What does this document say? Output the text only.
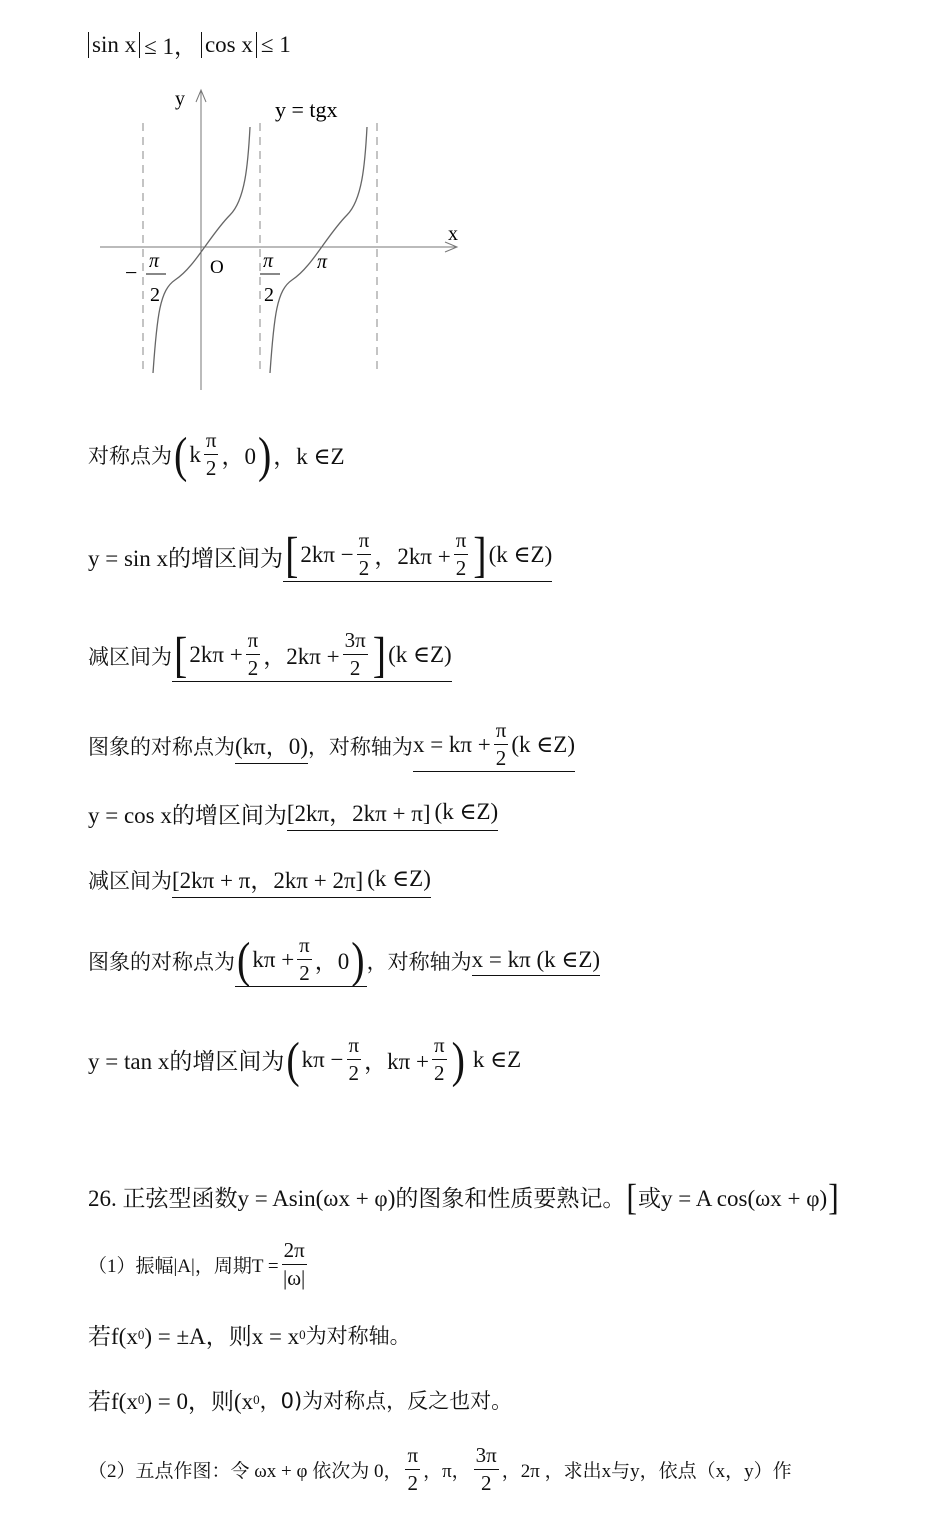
sin x ≤ 1， cos x ≤ 1
y
x
y = tgx
O
− π
2
π
2
π
对称点为 ( k $\frac{\pi}{2}$ ，0 ) ，k ∈Z
y = sin x的增区间为 [ $2k\pi - \frac{\pi}{2}$ ，$2k\pi + \frac{\pi}{2}$ ] (k ∈Z)
减区间为 [ $2k\pi + \frac{\pi}{2}$ ，$2k\pi + \frac{3\pi}{2}$ ] (k ∈Z)
图象的对称点为 (kπ，0) ，对称轴为 $x = k\pi + \frac{\pi}{2} (k$ ∈Z)
y = cos x的增区间为 [2kπ，2kπ + π] (k ∈Z)
减区间为 [2kπ + π，2kπ + 2π] (k ∈Z)
图象的对称点为 ( $k\pi + \frac{\pi}{2}$ ，0 ) ，对称轴为 x = kπ (k ∈Z)
y = tan x的增区间为 ( $k\pi - \frac{\pi}{2}$ ，$k\pi + \frac{\pi}{2}$ ) k ∈Z
26. 正弦型函数y = Asin(ωx + φ)的图象和性质要熟记。 [ 或y = A cos(ωx + φ) ]
（1）振幅|A|，周期$T = \frac{2\pi}{|\omega|}$
若f(x 0 ) = ±A，则x = x 0 为对称轴。
若f(x 0 ) = 0，则(x 0 ，0)为对称点，反之也对。
（2）五点作图：令 ωx + φ 依次为 0， $\frac{\pi}{2}$ ，π， $\frac{3\pi}{2}$ ，2π ，求出x与y，依点（x，y）作
